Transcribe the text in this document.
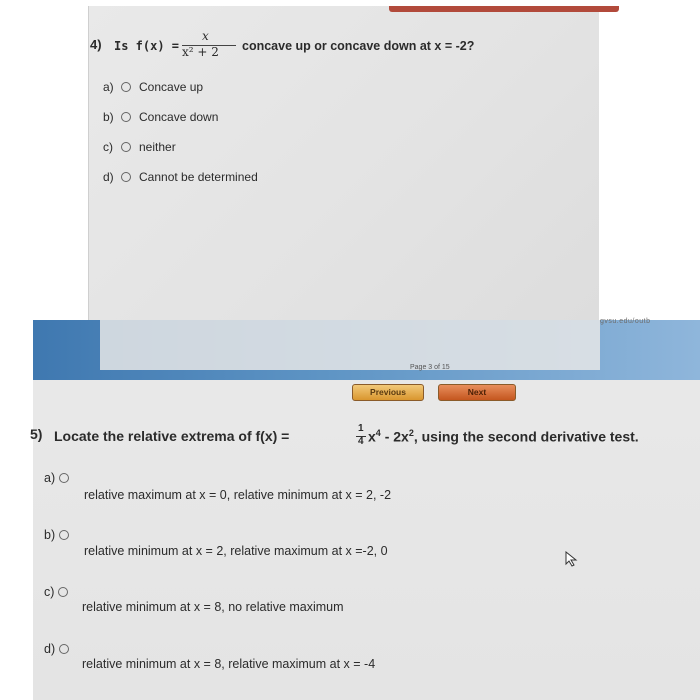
4) Is f(x) =
x
x² + 2 concave up or concave down at x = -2?
a) Concave up
b) Concave down
c) neither
d) Cannot be determined
gvsu.edu/outb
Page 3 of 15
Previous	Next
5) Locate the relative extrema of f(x) =	1
4 $x^4 - 2x^2$, using the second derivative test.
a)
relative maximum at x = 0, relative minimum at x = 2, -2
b)
relative minimum at x = 2, relative maximum at x =-2, 0
c)
relative minimum at x = 8, no relative maximum
d)
relative minimum at x = 8, relative maximum at x = -4
